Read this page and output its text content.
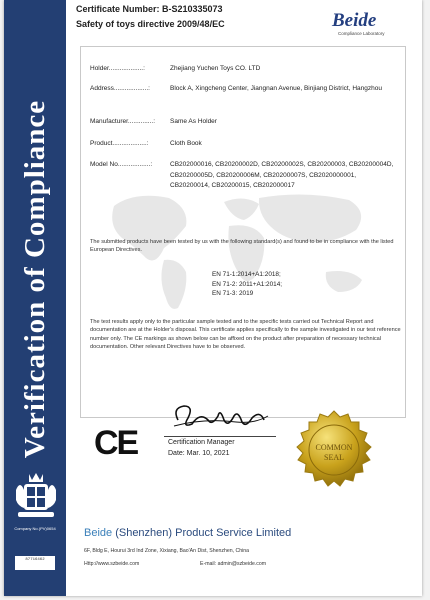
Verification of Compliance
Company No.(PV)0654
87716462
Certificate Number: B-S210335073
Safety of toys directive 2009/48/EC	Beide
Compliance Laboratory
Holder...................:	Zhejiang Yuchen Toys CO. LTD
Address...................:	Block A, Xingcheng Center, Jiangnan Avenue, Binjiang District, Hangzhou
Manufacturer..............:	Same As Holder
Product...................:	Cloth Book
Model No..................:	CB202000016, CB20200002D, CB20200002S, CB20200003, CB20200004D, CB20200005D, CB20200006M, CB20200007S, CB2020000001, CB20200014, CB20200015, CB202000017
The submitted products have been tested by us with the following standard(s) and found to be in compliance with the listed European Directives.
EN 71-1:2014+A1:2018;
EN 71-2: 2011+A1:2014;
EN 71-3: 2019
The test results apply only to the particular sample tested and to the specific tests carried out Technical Report and documentation are at the Holder's disposal. This certificate applies specifically to the sample investigated in our test reference number only. The CE markings as shown below can be affixed on the product after preparation of necessary technical documentation. Other relevant Directives have to be observed.
CE	Certification Manager
Date: Mar. 10, 2021
COMMON
SEAL
Beide (Shenzhen) Product Service Limited
6F, Bldg E, Hourui 3rd Ind Zone, Xixiang, Bao'An Dist, Shenzhen, China
Http://www.szbeide.com	E-mail: admin@szbeide.com
